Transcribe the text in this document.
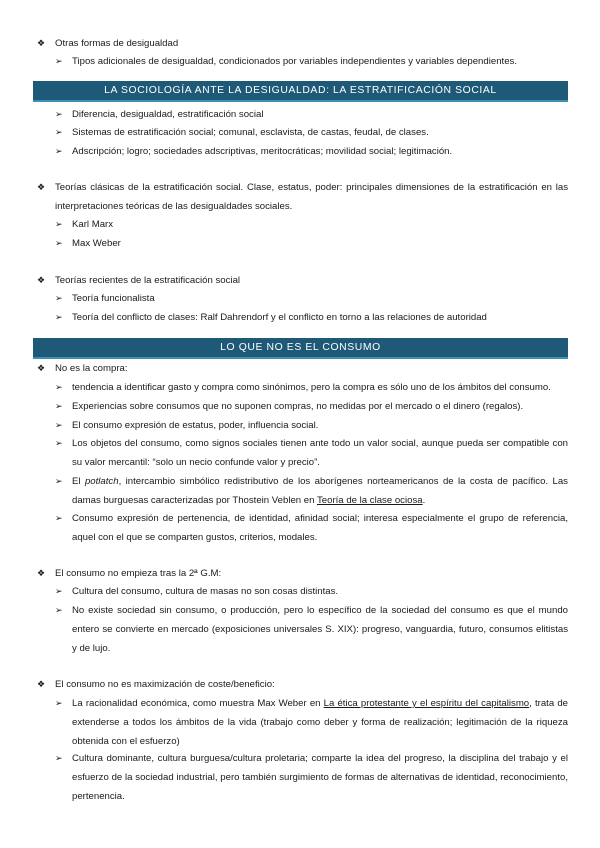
❖	Otras formas de desigualdad
➢ Tipos adicionales de desigualdad, condicionados por variables independientes y variables dependientes.
LA SOCIOLOGÍA ANTE LA DESIGUALDAD: LA ESTRATIFICACIÓN SOCIAL
➢ Diferencia, desigualdad, estratificación social
➢ Sistemas de estratificación social; comunal, esclavista, de castas, feudal, de clases.
➢ Adscripción; logro; sociedades adscriptivas, meritocráticas; movilidad social; legitimación.
❖	Teorías clásicas de la estratificación social. Clase, estatus, poder: principales dimensiones de la estratificación en las interpretaciones teóricas de las desigualdades sociales.
➢ Karl Marx
➢ Max Weber
❖	Teorías recientes de la estratificación social
➢ Teoría funcionalista
➢ Teoría del conflicto de clases: Ralf Dahrendorf y el conflicto en torno a las relaciones de autoridad
LO QUE NO ES EL CONSUMO
❖	No es la compra:
➢ tendencia a identificar gasto y compra como sinónimos, pero la compra es sólo uno de los ámbitos del consumo.
➢ Experiencias sobre consumos que no suponen compras, no medidas por el mercado o el dinero (regalos).
➢ El consumo expresión de estatus, poder, influencia social.
➢ Los objetos del consumo, como signos sociales tienen ante todo un valor social, aunque pueda ser compatible con su valor mercantil: “solo un necio confunde valor y precio”.
➢ El potlatch, intercambio simbólico redistributivo de los aborígenes norteamericanos de la costa de pacífico. Las damas burguesas caracterizadas por Thostein Veblen en Teoría de la clase ociosa.
➢ Consumo expresión de pertenencia, de identidad, afinidad social; interesa especialmente el grupo de referencia, aquel con el que se comparten gustos, criterios, modales.
❖	El consumo no empieza tras la 2ª G.M:
➢ Cultura del consumo, cultura de masas no son cosas distintas.
➢ No existe sociedad sin consumo, o producción, pero lo específico de la sociedad del consumo es que el mundo entero se convierte en mercado (exposiciones universales S. XIX): progreso, vanguardia, futuro, consumos elitistas y de lujo.
❖	El consumo no es maximización de coste/beneficio:
➢ La racionalidad económica, como muestra Max Weber en La ética protestante y el espíritu del capitalismo, trata de extenderse a todos los ámbitos de la vida (trabajo como deber y forma de realización; legitimación de la riqueza obtenida con el esfuerzo)
➢ Cultura dominante, cultura burguesa/cultura proletaria; comparte la idea del progreso, la disciplina del trabajo y el esfuerzo de la sociedad industrial, pero también surgimiento de formas de alternativas de identidad, reconocimiento, pertenencia.
